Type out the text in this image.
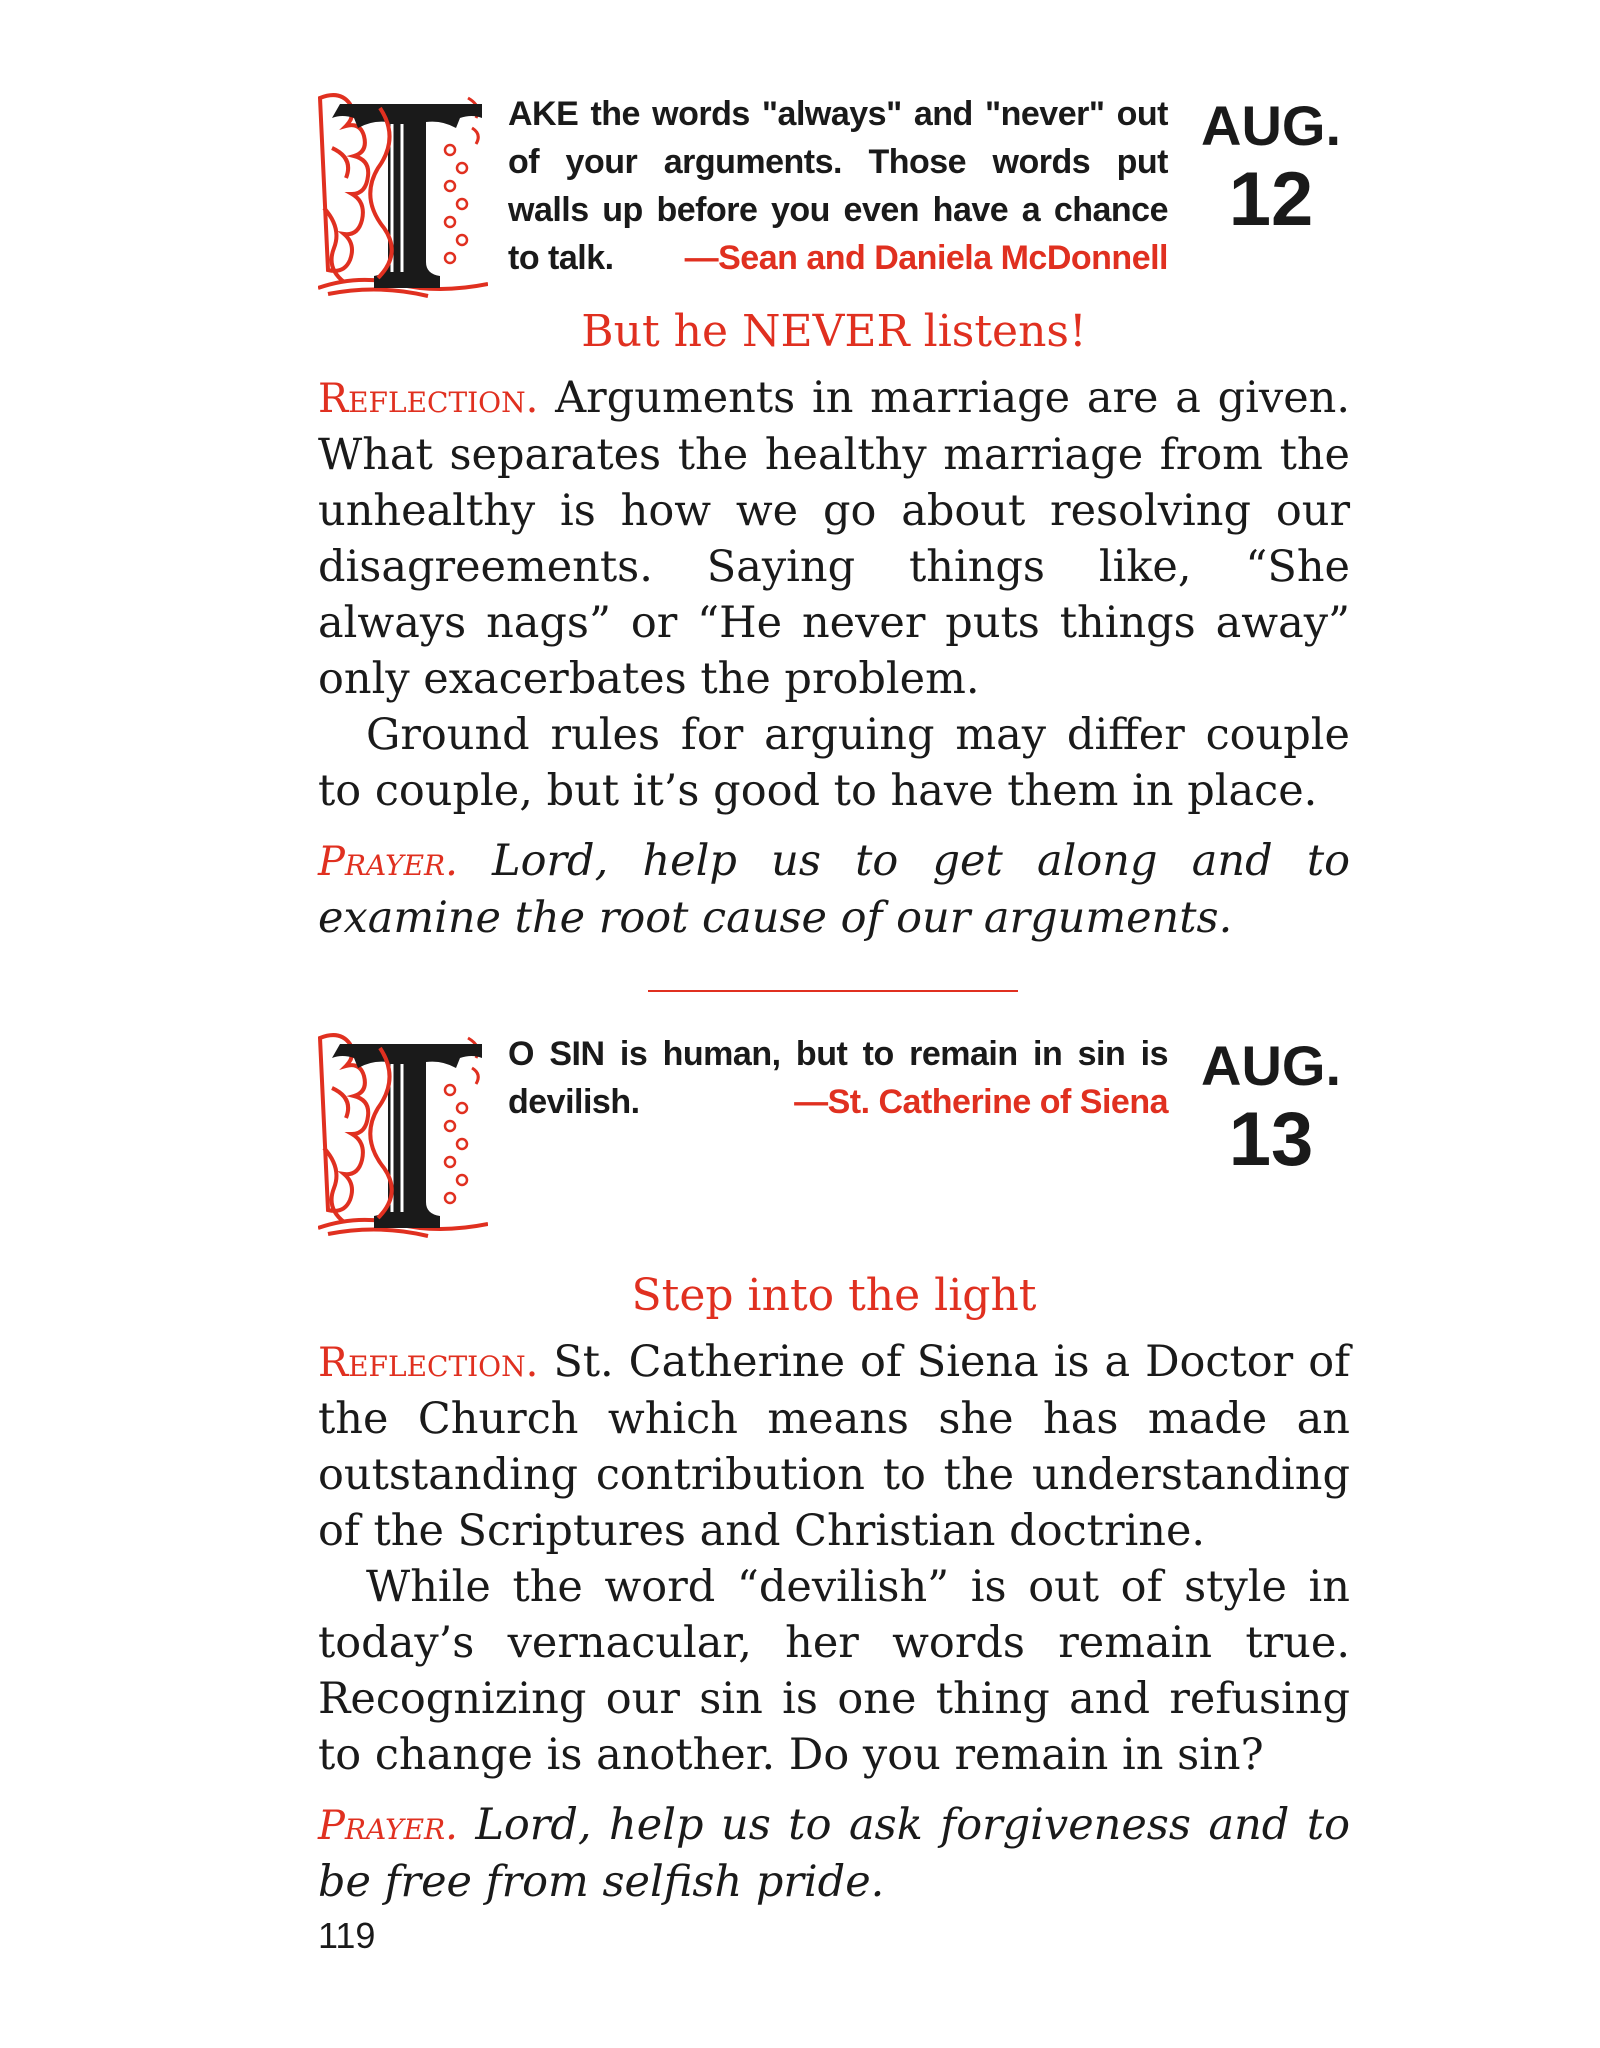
AKE the words "always" and "never" out of your arguments. Those words put walls up before you even have a chance to talk. —Sean and Daniela McDonnell
AUG.
12
But he NEVER listens!

Reflection. Arguments in marriage are a given. What separates the healthy marriage from the unhealthy is how we go about resolving our disagreements. Saying things like, “She always nags” or “He never puts things away” only exacerbates the problem.

Ground rules for arguing may differ couple to couple, but it’s good to have them in place.

Prayer. Lord, help us to get along and to examine the root cause of our arguments.

O SIN is human, but to remain in sin is devilish.	—St. Catherine of Siena
AUG.
13
Step into the light

Reflection. St. Catherine of Siena is a Doctor of the Church which means she has made an outstanding contribution to the understanding of the Scriptures and Christian doctrine.

While the word “devilish” is out of style in today’s vernacular, her words remain true. Recognizing our sin is one thing and refusing to change is another. Do you remain in sin?

Prayer. Lord, help us to ask forgiveness and to be free from selfish pride.

119
